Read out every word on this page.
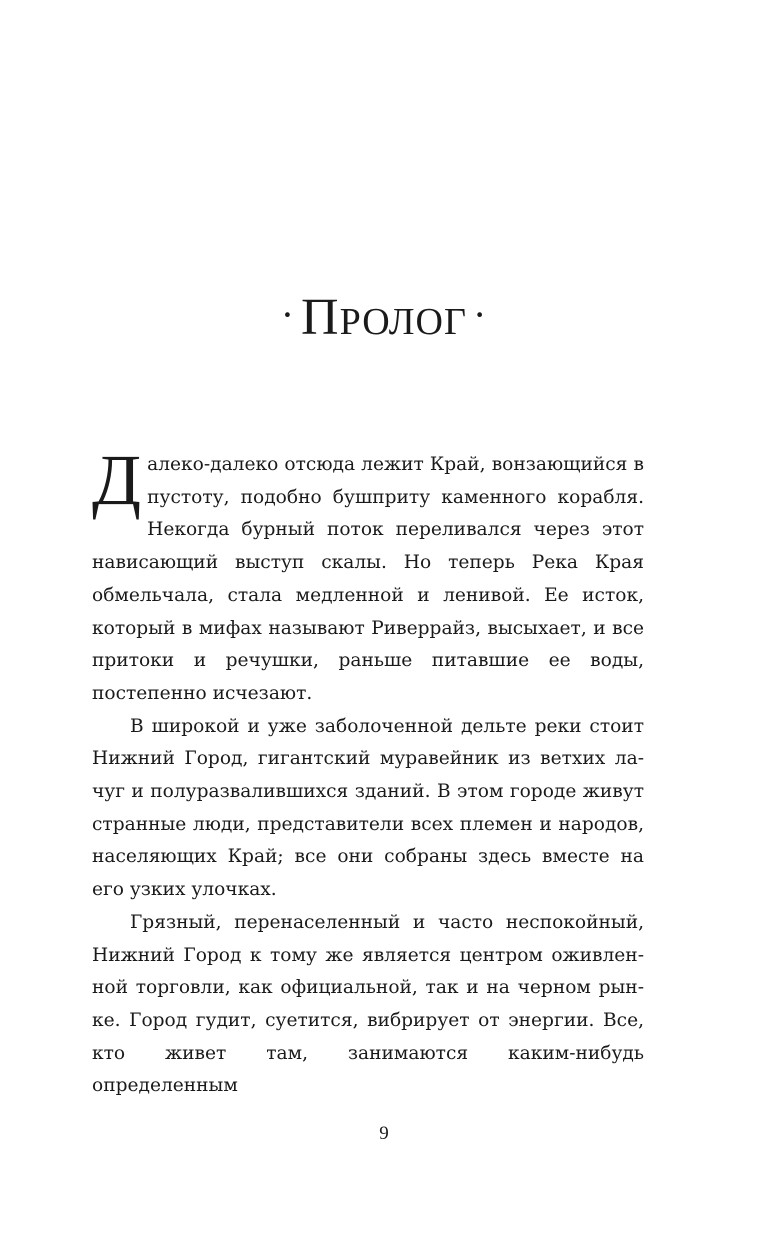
· ПРОЛОГ ·

Далеко-далеко отсюда лежит Край, вонзающийся в пустоту, подобно бушприту каменного корабля. Некогда бурный поток переливался через этот нависающий выступ скалы. Но теперь Река Края обмельчала, стала медленной и ленивой. Ее исток, который в мифах называют Риверрайз, высыхает, и все притоки и речушки, раньше питавшие ее воды, постепенно исчезают.

В широкой и уже заболоченной дельте реки стоит Нижний Город, гигантский муравейник из ветхих лачуг и полуразвалившихся зданий. В этом городе живут странные люди, представители всех племен и народов, населяющих Край; все они собраны здесь вместе на его узких улочках.

Грязный, перенаселенный и часто неспокойный, Нижний Город к тому же является центром оживленной торговли, как официальной, так и на черном рынке. Город гудит, суетится, вибрирует от энергии. Все, кто живет там, занимаются каким-нибудь определенным

9
